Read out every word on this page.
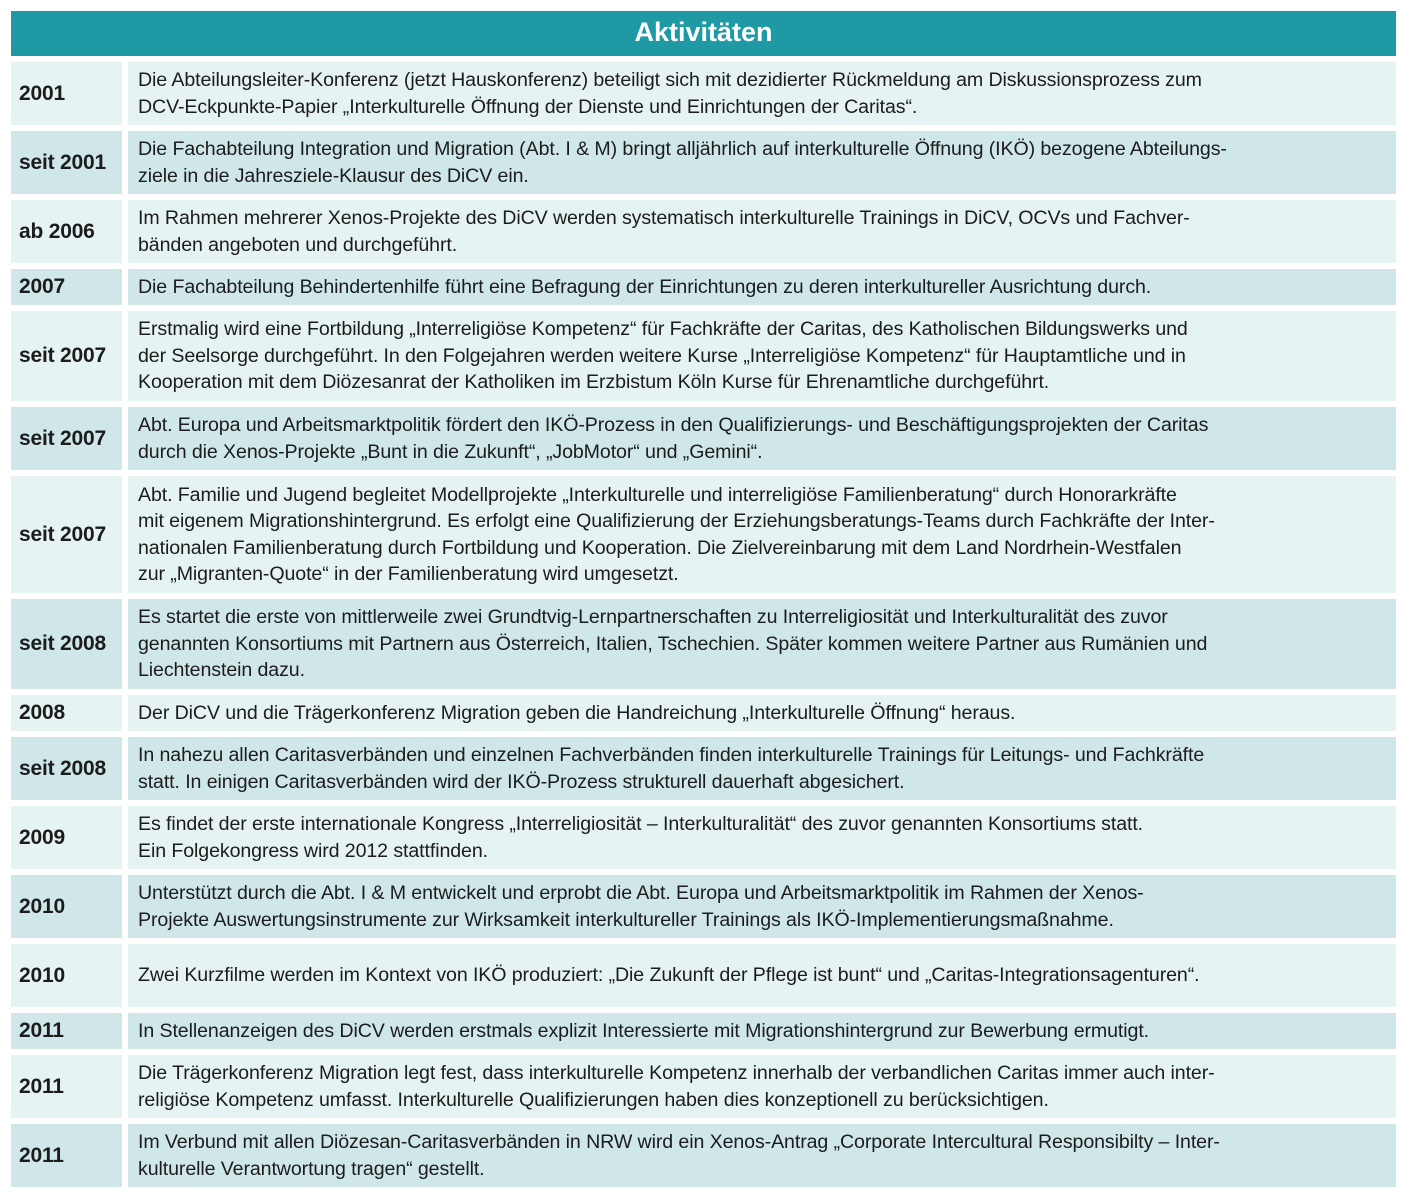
Aktivitäten
2001
Die Abteilungsleiter-Konferenz (jetzt Hauskonferenz) beteiligt sich mit dezidierter Rückmeldung am Diskussionsprozess zum
DCV-Eckpunkte-Papier „Interkulturelle Öffnung der Dienste und Einrichtungen der Caritas“.
seit 2001
Die Fachabteilung Integration und Migration (Abt. I & M) bringt alljährlich auf interkulturelle Öffnung (IKÖ) bezogene Abteilungs-
ziele in die Jahresziele-Klausur des DiCV ein.
ab 2006
Im Rahmen mehrerer Xenos-Projekte des DiCV werden systematisch interkulturelle Trainings in DiCV, OCVs und Fachver-
bänden angeboten und durchgeführt.
2007	Die Fachabteilung Behindertenhilfe führt eine Befragung der Einrichtungen zu deren interkultureller Ausrichtung durch.
seit 2007
Erstmalig wird eine Fortbildung „Interreligiöse Kompetenz“ für Fachkräfte der Caritas, des Katholischen Bildungswerks und
der Seelsorge durchgeführt. In den Folgejahren werden weitere Kurse „Interreligiöse Kompetenz“ für Hauptamtliche und in
Kooperation mit dem Diözesanrat der Katholiken im Erzbistum Köln Kurse für Ehrenamtliche durchgeführt.
seit 2007
Abt. Europa und Arbeitsmarktpolitik fördert den IKÖ-Prozess in den Qualifizierungs- und Beschäftigungsprojekten der Caritas
durch die Xenos-Projekte „Bunt in die Zukunft“, „JobMotor“ und „Gemini“.
seit 2007
Abt. Familie und Jugend begleitet Modellprojekte „Interkulturelle und interreligiöse Familienberatung“ durch Honorarkräfte
mit eigenem Migrationshintergrund. Es erfolgt eine Qualifizierung der Erziehungsberatungs-Teams durch Fachkräfte der Inter-
nationalen Familienberatung durch Fortbildung und Kooperation. Die Zielvereinbarung mit dem Land Nordrhein-Westfalen
zur „Migranten-Quote“ in der Familienberatung wird umgesetzt.
seit 2008
Es startet die erste von mittlerweile zwei Grundtvig-Lernpartnerschaften zu Interreligiosität und Interkulturalität des zuvor
genannten Konsortiums mit Partnern aus Österreich, Italien, Tschechien. Später kommen weitere Partner aus Rumänien und
Liechtenstein dazu.
2008	Der DiCV und die Trägerkonferenz Migration geben die Handreichung „Interkulturelle Öffnung“ heraus.
seit 2008
In nahezu allen Caritasverbänden und einzelnen Fachverbänden finden interkulturelle Trainings für Leitungs- und Fachkräfte
statt. In einigen Caritasverbänden wird der IKÖ-Prozess strukturell dauerhaft abgesichert.
2009
Es findet der erste internationale Kongress „Interreligiosität – Interkulturalität“ des zuvor genannten Konsortiums statt.
Ein Folgekongress wird 2012 stattfinden.
2010
Unterstützt durch die Abt. I & M entwickelt und erprobt die Abt. Europa und Arbeitsmarktpolitik im Rahmen der Xenos-
Projekte Auswertungsinstrumente zur Wirksamkeit interkultureller Trainings als IKÖ-Implementierungsmaßnahme.
2010	Zwei Kurzfilme werden im Kontext von IKÖ produziert: „Die Zukunft der Pflege ist bunt“ und „Caritas-Integrationsagenturen“.
2011	In Stellenanzeigen des DiCV werden erstmals explizit Interessierte mit Migrationshintergrund zur Bewerbung ermutigt.
2011
Die Trägerkonferenz Migration legt fest, dass interkulturelle Kompetenz innerhalb der verbandlichen Caritas immer auch inter-
religiöse Kompetenz umfasst. Interkulturelle Qualifizierungen haben dies konzeptionell zu berücksichtigen.
2011
Im Verbund mit allen Diözesan-Caritasverbänden in NRW wird ein Xenos-Antrag „Corporate Intercultural Responsibilty – Inter-
kulturelle Verantwortung tragen“ gestellt.
